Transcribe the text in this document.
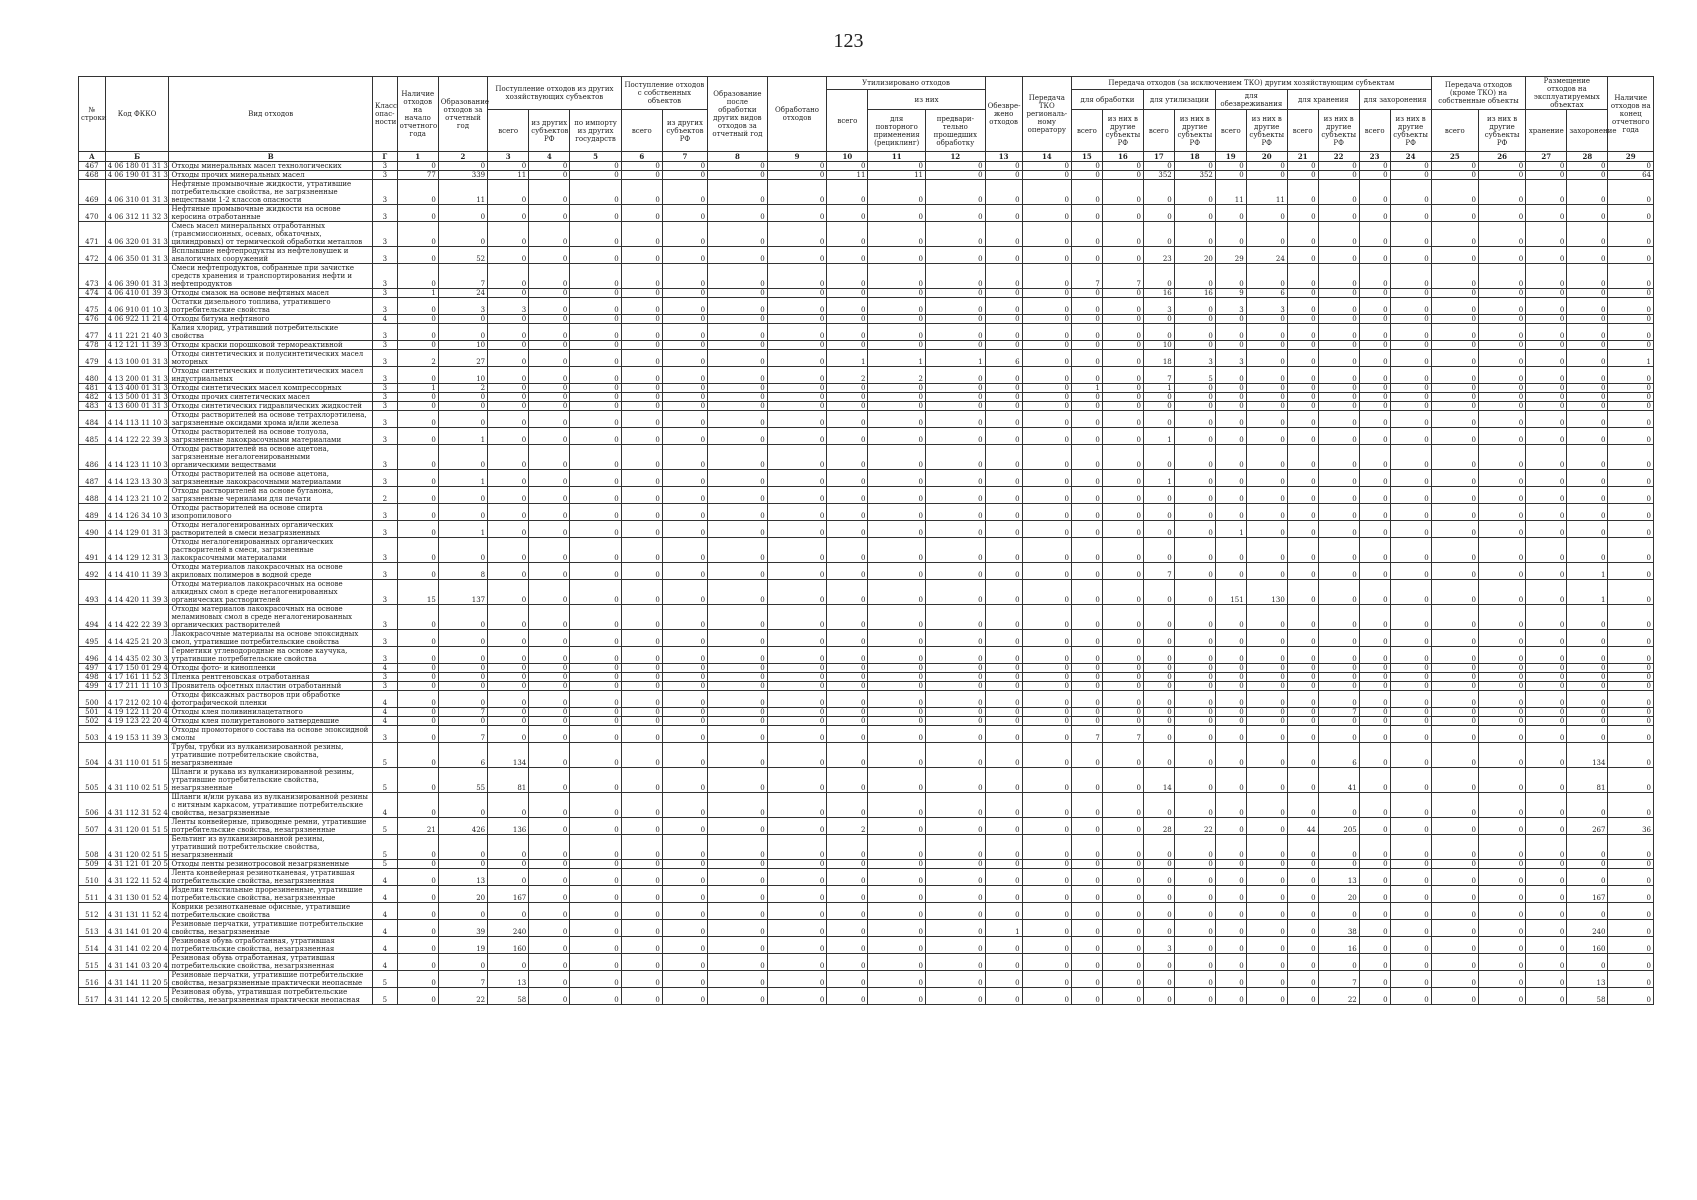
123
№ строки	Код ФККО	Вид отходов	Класс опас-ности	Наличие отходов на начало отчетного года	Образование отходов за отчетный год	Поступление отходов из других хозяйствующих субъектов			Поступление отходов с собственных объектов		Образование после обработки других видов отходов за отчетный год	Обработано отходов	Утилизировано отходов			Обезвре-жено отходов	Передача ТКО региональ-ному оператору	Передача отходов (за исключением ТКО) другим хозяйствующим субъектам										Передача отходов (кроме ТКО) на собственные объекты		Размещение отходов на эксплуатируемых объектах		Наличие отходов на конец отчетного года
													всего	из них				для обработки		для утилизации		для обезвреживания		для хранения		для захоронения						
						всего	из других субъектов РФ	по импорту из других государств	всего	из других субъектов РФ				для повторного применения (рециклинг)	предвари-тельно прошедших обработку			всего	из них в другие субъекты РФ	всего	из них в другие субъекты РФ	всего	из них в другие субъекты РФ	всего	из них в другие субъекты РФ	всего	из них в другие субъекты РФ	всего	из них в другие субъекты РФ	хранение	захоронение	
А	Б	В	Г	1	2	3	4	5	6	7	8	9	10	11	12	13	14	15	16	17	18	19	20	21	22	23	24	25	26	27	28	29
467	4 06 180 01 31 3	Отходы минеральных масел технологических	3	0	0	0	0	0	0	0	0	0	0	0	0	0	0	0	0	0	0	0	0	0	0	0	0	0	0	0	0	0
468	4 06 190 01 31 3	Отходы прочих минеральных масел	3	77	339	11	0	0	0	0	0	0	11	11	0	0	0	0	0	352	352	0	0	0	0	0	0	0	0	0	0	64
469	4 06 310 01 31 3	Нефтяные промывочные жидкости, утратившие потребительские свойства, не загрязненные веществами 1-2 классов опасности	3	0	11	0	0	0	0	0	0	0	0	0	0	0	0	0	0	0	0	11	11	0	0	0	0	0	0	0	0	0
470	4 06 312 11 32 3	Нефтяные промывочные жидкости на основе керосина отработанные	3	0	0	0	0	0	0	0	0	0	0	0	0	0	0	0	0	0	0	0	0	0	0	0	0	0	0	0	0	0
471	4 06 320 01 31 3	Смесь масел минеральных отработанных (трансмиссионных, осевых, обкаточных, цилиндровых) от термической обработки металлов	3	0	0	0	0	0	0	0	0	0	0	0	0	0	0	0	0	0	0	0	0	0	0	0	0	0	0	0	0	0
472	4 06 350 01 31 3	Всплывшие нефтепродукты из нефтеловушек и аналогичных сооружений	3	0	52	0	0	0	0	0	0	0	0	0	0	0	0	0	0	23	20	29	24	0	0	0	0	0	0	0	0	0
473	4 06 390 01 31 3	Смеси нефтепродуктов, собранные при зачистке средств хранения и транспортирования нефти и нефтепродуктов	3	0	7	0	0	0	0	0	0	0	0	0	0	0	0	7	7	0	0	0	0	0	0	0	0	0	0	0	0	0
474	4 06 410 01 39 3	Отходы смазок на основе нефтяных масел	3	1	24	0	0	0	0	0	0	0	0	0	0	0	0	0	0	16	16	9	6	0	0	0	0	0	0	0	0	0
475	4 06 910 01 10 3	Остатки дизельного топлива, утратившего потребительские свойства	3	0	3	3	0	0	0	0	0	0	0	0	0	0	0	0	0	3	0	3	3	0	0	0	0	0	0	0	0	0
476	4 06 922 11 21 4	Отходы битума нефтяного	4	0	0	0	0	0	0	0	0	0	0	0	0	0	0	0	0	0	0	0	0	0	0	0	0	0	0	0	0	0
477	4 11 221 21 40 3	Калия хлорид, утративший потребительские свойства	3	0	0	0	0	0	0	0	0	0	0	0	0	0	0	0	0	0	0	0	0	0	0	0	0	0	0	0	0	0
478	4 12 121 11 39 3	Отходы краски порошковой термореактивной	3	0	10	0	0	0	0	0	0	0	0	0	0	0	0	0	0	10	0	0	0	0	0	0	0	0	0	0	0	0
479	4 13 100 01 31 3	Отходы синтетических и полусинтетических масел моторных	3	2	27	0	0	0	0	0	0	0	1	1	1	6	0	0	0	18	3	3	0	0	0	0	0	0	0	0	0	1
480	4 13 200 01 31 3	Отходы синтетических и полусинтетических масел индустриальных	3	0	10	0	0	0	0	0	0	0	2	2	0	0	0	0	0	7	5	0	0	0	0	0	0	0	0	0	0	0
481	4 13 400 01 31 3	Отходы синтетических масел компрессорных	3	1	2	0	0	0	0	0	0	0	0	0	0	0	0	1	0	1	0	0	0	0	0	0	0	0	0	0	0	0
482	4 13 500 01 31 3	Отходы прочих синтетических масел	3	0	0	0	0	0	0	0	0	0	0	0	0	0	0	0	0	0	0	0	0	0	0	0	0	0	0	0	0	0
483	4 13 600 01 31 3	Отходы синтетических гидравлических жидкостей	3	0	0	0	0	0	0	0	0	0	0	0	0	0	0	0	0	0	0	0	0	0	0	0	0	0	0	0	0	0
484	4 14 113 11 10 3	Отходы растворителей на основе тетрахлорэтилена, загрязненные оксидами хрома и/или железа	3	0	0	0	0	0	0	0	0	0	0	0	0	0	0	0	0	0	0	0	0	0	0	0	0	0	0	0	0	0
485	4 14 122 22 39 3	Отходы растворителей на основе толуола, загрязненные лакокрасочными материалами	3	0	1	0	0	0	0	0	0	0	0	0	0	0	0	0	0	1	0	0	0	0	0	0	0	0	0	0	0	0
486	4 14 123 11 10 3	Отходы растворителей на основе ацетона, загрязненные негалогенированными органическими веществами	3	0	0	0	0	0	0	0	0	0	0	0	0	0	0	0	0	0	0	0	0	0	0	0	0	0	0	0	0	0
487	4 14 123 13 30 3	Отходы растворителей на основе ацетона, загрязненные лакокрасочными материалами	3	0	1	0	0	0	0	0	0	0	0	0	0	0	0	0	0	1	0	0	0	0	0	0	0	0	0	0	0	0
488	4 14 123 21 10 2	Отходы растворителей на основе бутанона, загрязненные чернилами для печати	2	0	0	0	0	0	0	0	0	0	0	0	0	0	0	0	0	0	0	0	0	0	0	0	0	0	0	0	0	0
489	4 14 126 34 10 3	Отходы растворителей на основе спирта изопропилового	3	0	0	0	0	0	0	0	0	0	0	0	0	0	0	0	0	0	0	0	0	0	0	0	0	0	0	0	0	0
490	4 14 129 01 31 3	Отходы негалогенированных органических растворителей в смеси незагрязненных	3	0	1	0	0	0	0	0	0	0	0	0	0	0	0	0	0	0	0	1	0	0	0	0	0	0	0	0	0	0
491	4 14 129 12 31 3	Отходы негалогенированных органических растворителей в смеси, загрязненные лакокрасочными материалами	3	0	0	0	0	0	0	0	0	0	0	0	0	0	0	0	0	0	0	0	0	0	0	0	0	0	0	0	0	0
492	4 14 410 11 39 3	Отходы материалов лакокрасочных на основе акриловых полимеров в водной среде	3	0	8	0	0	0	0	0	0	0	0	0	0	0	0	0	0	7	0	0	0	0	0	0	0	0	0	0	1	0
493	4 14 420 11 39 3	Отходы материалов лакокрасочных на основе алкидных смол в среде негалогенированных органических растворителей	3	15	137	0	0	0	0	0	0	0	0	0	0	0	0	0	0	0	0	151	130	0	0	0	0	0	0	0	1	0
494	4 14 422 22 39 3	Отходы материалов лакокрасочных на основе меламиновых смол в среде негалогенированных органических растворителей	3	0	0	0	0	0	0	0	0	0	0	0	0	0	0	0	0	0	0	0	0	0	0	0	0	0	0	0	0	0
495	4 14 425 21 20 3	Лакокрасочные материалы на основе эпоксидных смол, утратившие потребительские свойства	3	0	0	0	0	0	0	0	0	0	0	0	0	0	0	0	0	0	0	0	0	0	0	0	0	0	0	0	0	0
496	4 14 435 02 30 3	Герметики углеводородные на основе каучука, утратившие потребительские свойства	3	0	0	0	0	0	0	0	0	0	0	0	0	0	0	0	0	0	0	0	0	0	0	0	0	0	0	0	0	0
497	4 17 150 01 29 4	Отходы фото- и кинопленки	4	0	0	0	0	0	0	0	0	0	0	0	0	0	0	0	0	0	0	0	0	0	0	0	0	0	0	0	0	0
498	4 17 161 11 52 3	Пленка рентгеновская отработанная	3	0	0	0	0	0	0	0	0	0	0	0	0	0	0	0	0	0	0	0	0	0	0	0	0	0	0	0	0	0
499	4 17 211 11 10 3	Проявитель офсетных пластин отработанный	3	0	0	0	0	0	0	0	0	0	0	0	0	0	0	0	0	0	0	0	0	0	0	0	0	0	0	0	0	0
500	4 17 212 02 10 4	Отходы фиксажных растворов при обработке фотографической пленки	4	0	0	0	0	0	0	0	0	0	0	0	0	0	0	0	0	0	0	0	0	0	0	0	0	0	0	0	0	0
501	4 19 122 11 20 4	Отходы клея поливинилацетатного	4	0	7	0	0	0	0	0	0	0	0	0	0	0	0	0	0	0	0	0	0	0	7	0	0	0	0	0	0	0
502	4 19 123 22 20 4	Отходы клея полиуретанового затвердевшие	4	0	0	0	0	0	0	0	0	0	0	0	0	0	0	0	0	0	0	0	0	0	0	0	0	0	0	0	0	0
503	4 19 153 11 39 3	Отходы промоторного состава на основе эпоксидной смолы	3	0	7	0	0	0	0	0	0	0	0	0	0	0	0	7	7	0	0	0	0	0	0	0	0	0	0	0	0	0
504	4 31 110 01 51 5	Трубы, трубки из вулканизированной резины, утратившие потребительские свойства, незагрязненные	5	0	6	134	0	0	0	0	0	0	0	0	0	0	0	0	0	0	0	0	0	0	6	0	0	0	0	0	134	0
505	4 31 110 02 51 5	Шланги и рукава из вулканизированной резины, утратившие потребительские свойства, незагрязненные	5	0	55	81	0	0	0	0	0	0	0	0	0	0	0	0	0	14	0	0	0	0	41	0	0	0	0	0	81	0
506	4 31 112 31 52 4	Шланги и/или рукава из вулканизированной резины с нитяным каркасом, утратившие потребительские свойства, незагрязненные	4	0	0	0	0	0	0	0	0	0	0	0	0	0	0	0	0	0	0	0	0	0	0	0	0	0	0	0	0	0
507	4 31 120 01 51 5	Ленты конвейерные, приводные ремни, утратившие потребительские свойства, незагрязненные	5	21	426	136	0	0	0	0	0	0	2	0	0	0	0	0	0	28	22	0	0	44	205	0	0	0	0	0	267	36
508	4 31 120 02 51 5	Бельтинг из вулканизированной резины, утративший потребительские свойства, незагрязненный	5	0	0	0	0	0	0	0	0	0	0	0	0	0	0	0	0	0	0	0	0	0	0	0	0	0	0	0	0	0
509	4 31 121 01 20 5	Отходы ленты резинотросовой незагрязненные	5	0	0	0	0	0	0	0	0	0	0	0	0	0	0	0	0	0	0	0	0	0	0	0	0	0	0	0	0	0
510	4 31 122 11 52 4	Лента конвейерная резинотканевая, утратившая потребительские свойства, незагрязненная	4	0	13	0	0	0	0	0	0	0	0	0	0	0	0	0	0	0	0	0	0	0	13	0	0	0	0	0	0	0
511	4 31 130 01 52 4	Изделия текстильные прорезиненные, утратившие потребительские свойства, незагрязненные	4	0	20	167	0	0	0	0	0	0	0	0	0	0	0	0	0	0	0	0	0	0	20	0	0	0	0	0	167	0
512	4 31 131 11 52 4	Коврики резинотканевые офисные, утратившие потребительские свойства	4	0	0	0	0	0	0	0	0	0	0	0	0	0	0	0	0	0	0	0	0	0	0	0	0	0	0	0	0	0
513	4 31 141 01 20 4	Резиновые перчатки, утратившие потребительские свойства, незагрязненные	4	0	39	240	0	0	0	0	0	0	0	0	0	1	0	0	0	0	0	0	0	0	38	0	0	0	0	0	240	0
514	4 31 141 02 20 4	Резиновая обувь отработанная, утратившая потребительские свойства, незагрязненная	4	0	19	160	0	0	0	0	0	0	0	0	0	0	0	0	0	3	0	0	0	0	16	0	0	0	0	0	160	0
515	4 31 141 03 20 4	Резиновая обувь отработанная, утратившая потребительские свойства, незагрязненная	4	0	0	0	0	0	0	0	0	0	0	0	0	0	0	0	0	0	0	0	0	0	0	0	0	0	0	0	0	0
516	4 31 141 11 20 5	Резиновые перчатки, утратившие потребительские свойства, незагрязненные практически неопасные	5	0	7	13	0	0	0	0	0	0	0	0	0	0	0	0	0	0	0	0	0	0	7	0	0	0	0	0	13	0
517	4 31 141 12 20 5	Резиновая обувь, утратившая потребительские свойства, незагрязненная практически неопасная	5	0	22	58	0	0	0	0	0	0	0	0	0	0	0	0	0	0	0	0	0	0	22	0	0	0	0	0	58	0
